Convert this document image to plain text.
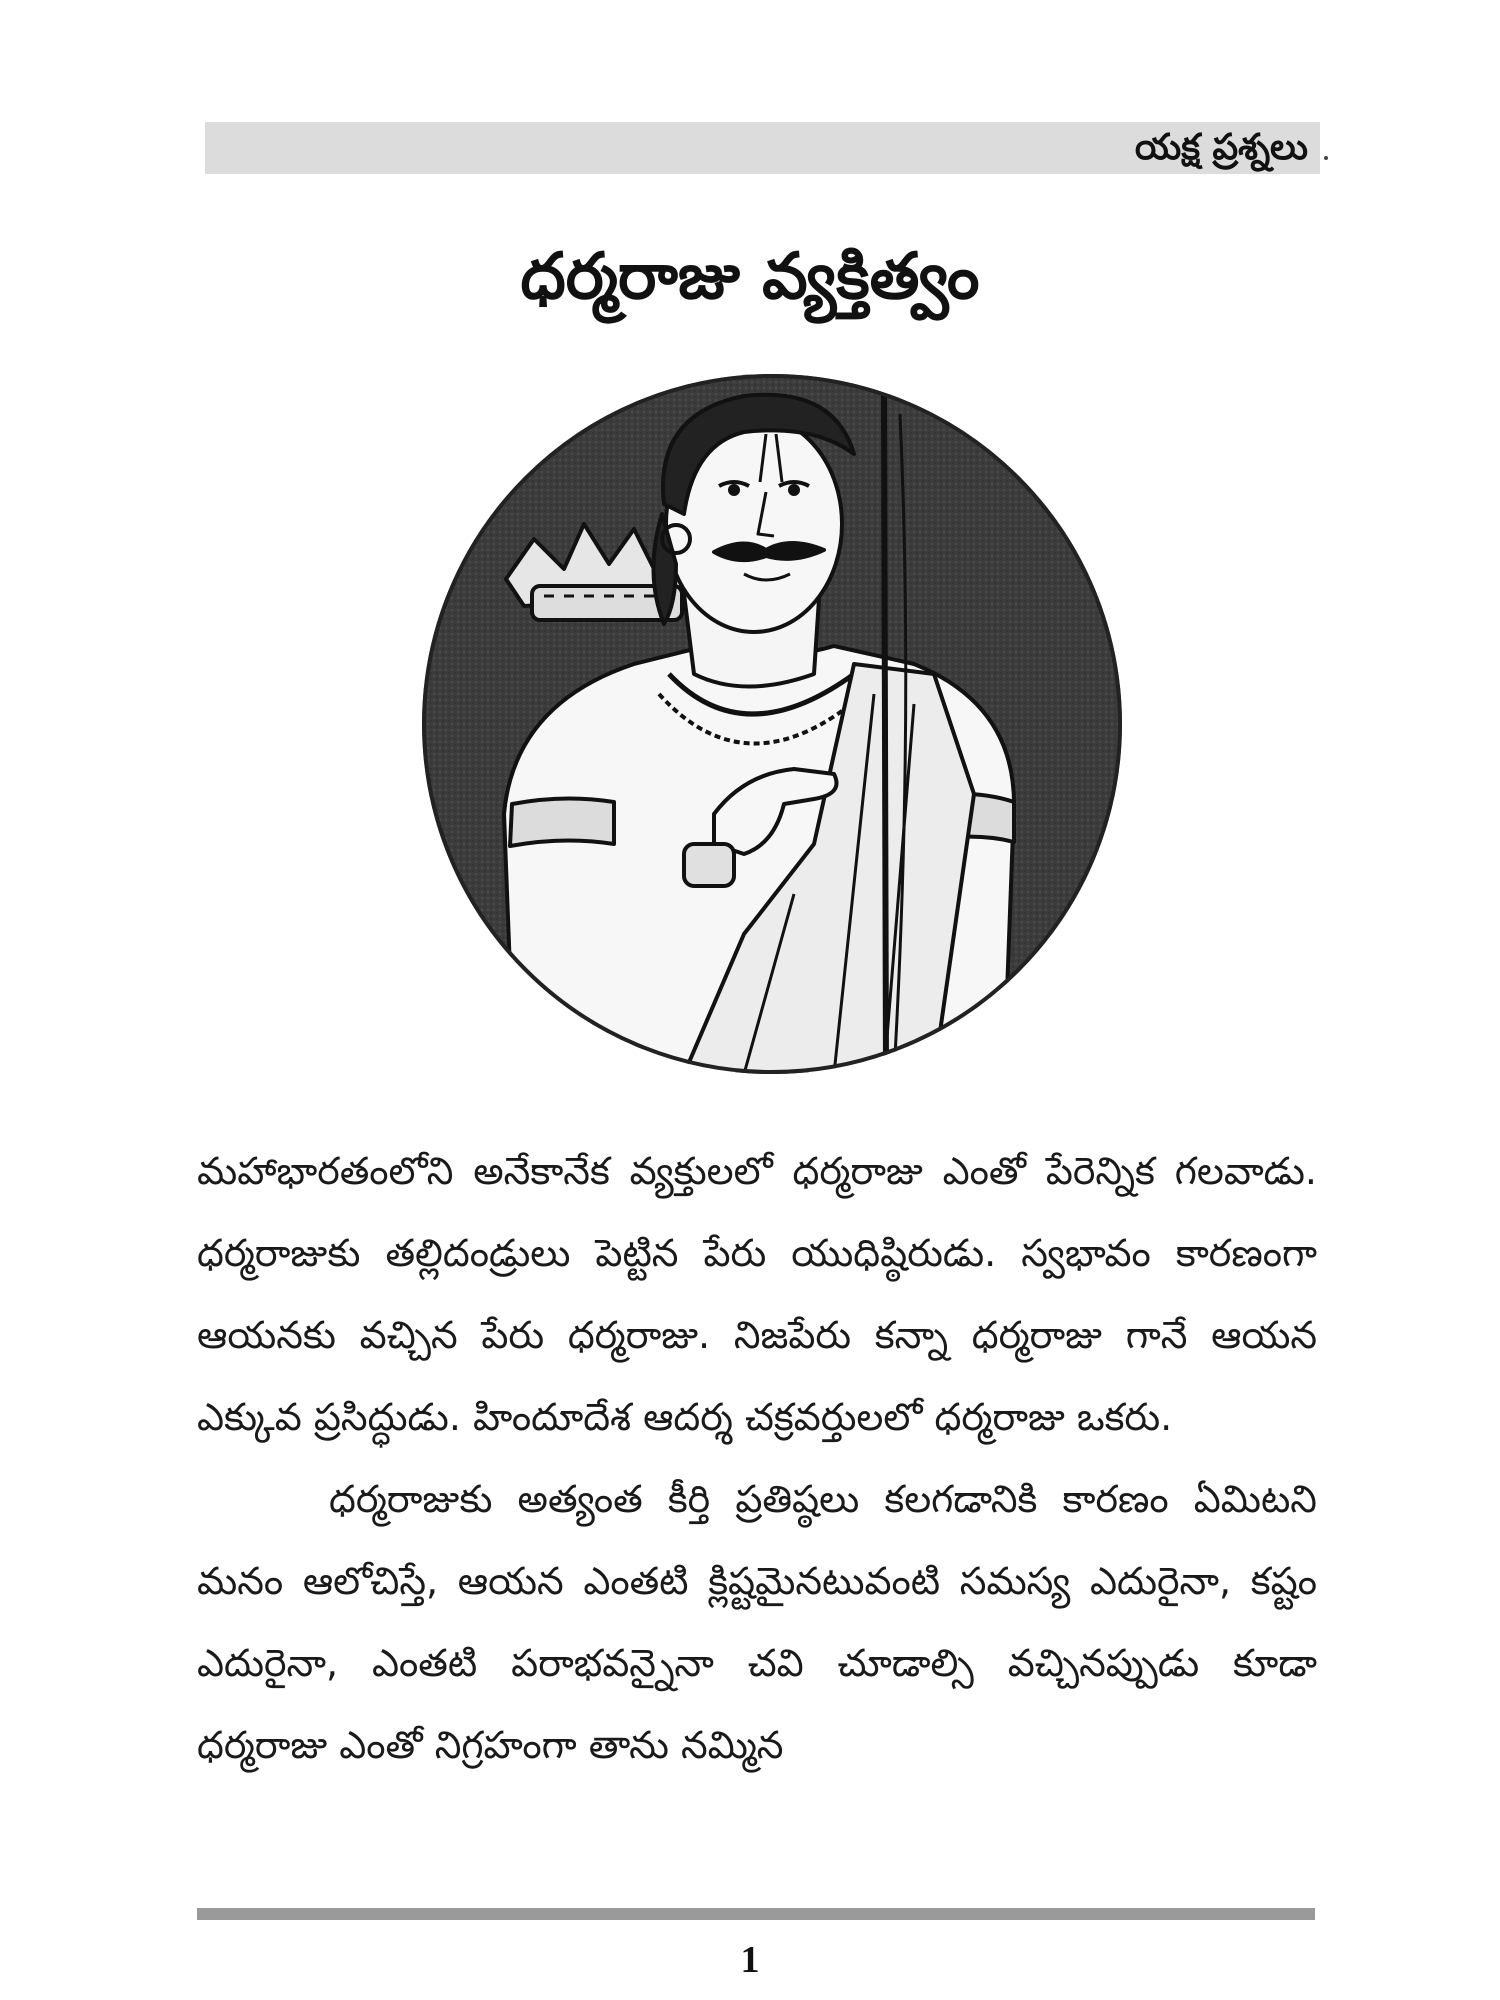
యక్ష ప్రశ్నలు
ధర్మరాజు వ్యక్తిత్వం

మహాభారతంలోని అనేకానేక వ్యక్తులలో ధర్మరాజు ఎంతో పేరెన్నిక గలవాడు. ధర్మరాజుకు తల్లిదండ్రులు పెట్టిన పేరు యుధిష్ఠిరుడు. స్వభావం కారణంగా ఆయనకు వచ్చిన పేరు ధర్మరాజు. నిజపేరు కన్నా ధర్మరాజు గానే ఆయన ఎక్కువ ప్రసిద్ధుడు. హిందూదేశ ఆదర్శ చక్రవర్తులలో ధర్మరాజు ఒకరు.

ధర్మరాజుకు అత్యంత కీర్తి ప్రతిష్ఠలు కలగడానికి కారణం ఏమిటని మనం ఆలోచిస్తే, ఆయన ఎంతటి క్లిష్టమైనటువంటి సమస్య ఎదురైనా, కష్టం ఎదురైనా, ఎంతటి పరాభవన్నైనా చవి చూడాల్సి వచ్చినప్పుడు కూడా ధర్మరాజు ఎంతో నిగ్రహంగా తాను నమ్మిన

1
